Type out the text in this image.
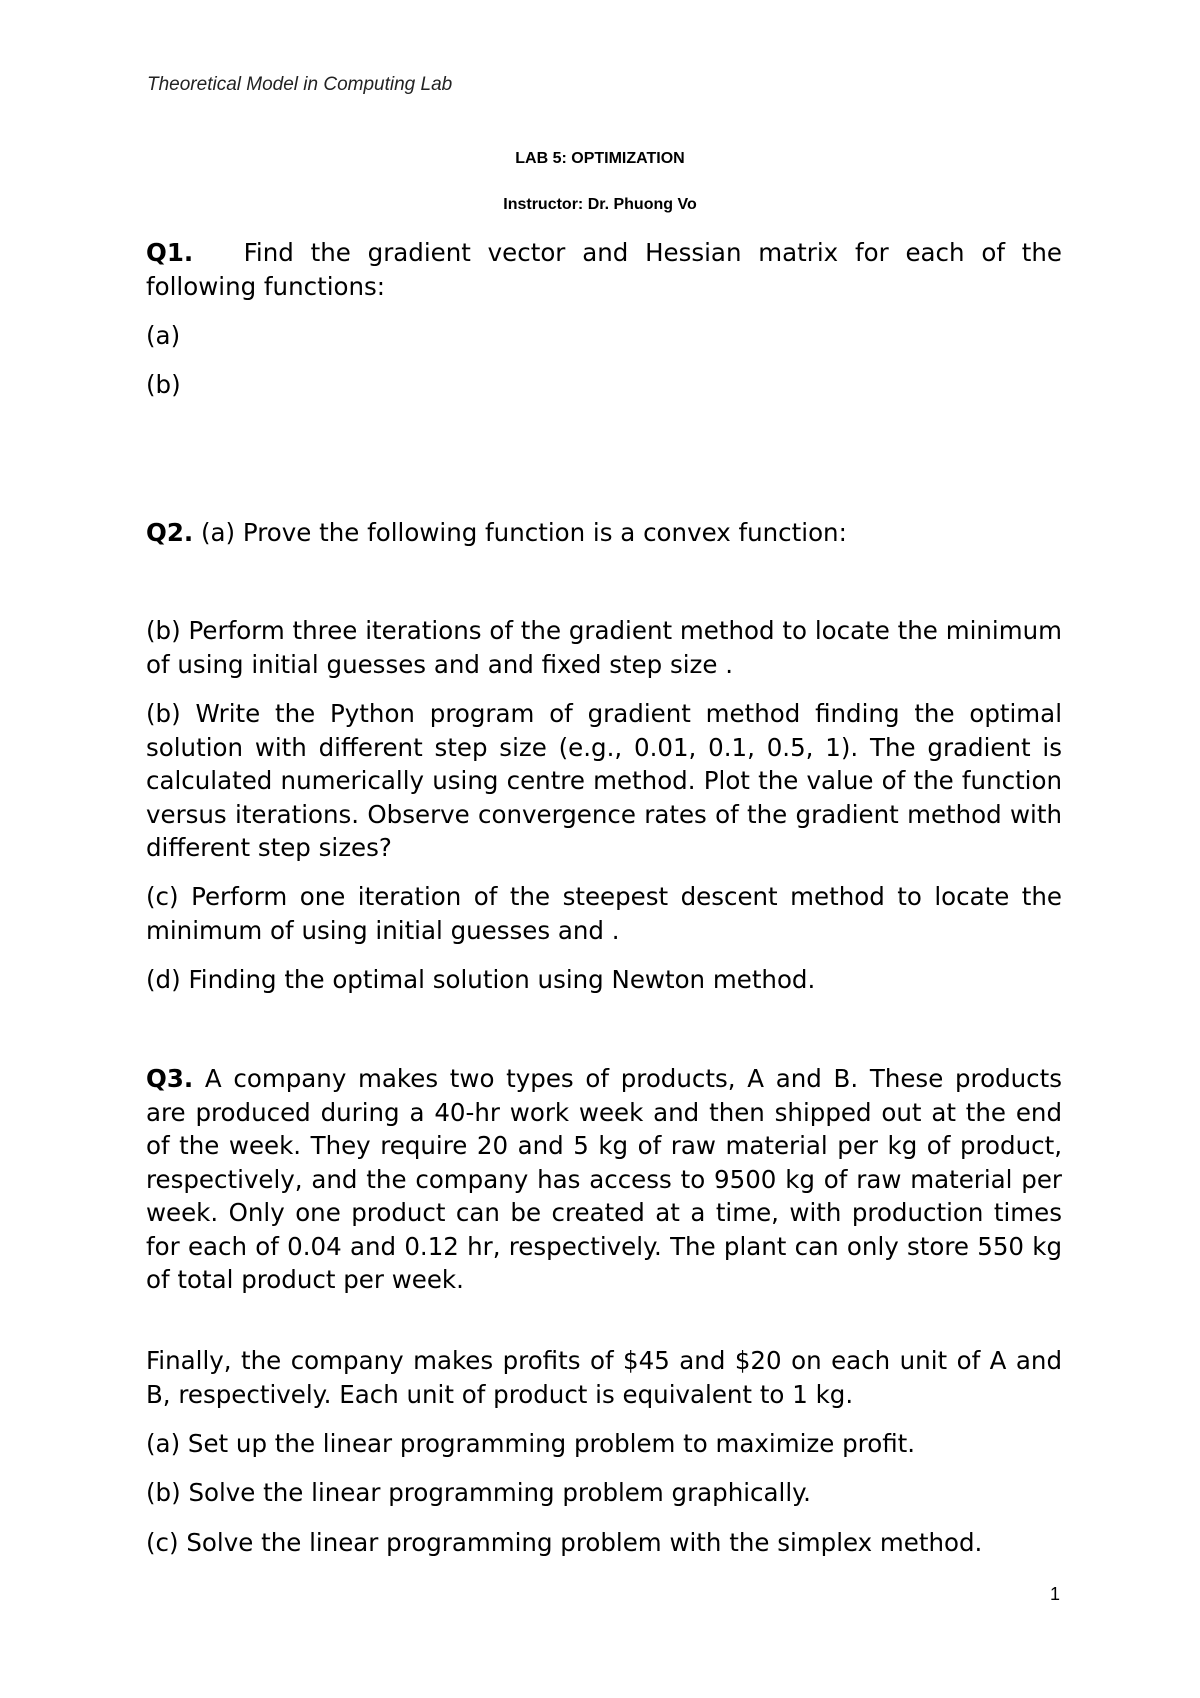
Theoretical Model in Computing Lab
LAB 5: OPTIMIZATION
Instructor: Dr. Phuong Vo

Q1. Find the gradient vector and Hessian matrix for each of the following functions:

(a)
(b)

Q2. (a) Prove the following function is a convex function:

(b) Perform three iterations of the gradient method to locate the minimum of using initial guesses and and fixed step size .
(b) Write the Python program of gradient method finding the optimal solution with different step size (e.g., 0.01, 0.1, 0.5, 1). The gradient is calculated numerically using centre method. Plot the value of the function versus iterations. Observe convergence rates of the gradient method with different step sizes?
(c) Perform one iteration of the steepest descent method to locate the minimum of using initial guesses and .
(d) Finding the optimal solution using Newton method.

Q3. A company makes two types of products, A and B. These products are produced during a 40-hr work week and then shipped out at the end of the week. They require 20 and 5 kg of raw material per kg of product, respectively, and the company has access to 9500 kg of raw material per week. Only one product can be created at a time, with production times for each of 0.04 and 0.12 hr, respectively. The plant can only store 550 kg of total product per week.

Finally, the company makes profits of $45 and $20 on each unit of A and B, respectively. Each unit of product is equivalent to 1 kg.
(a) Set up the linear programming problem to maximize profit.
(b) Solve the linear programming problem graphically.
(c) Solve the linear programming problem with the simplex method.
1
